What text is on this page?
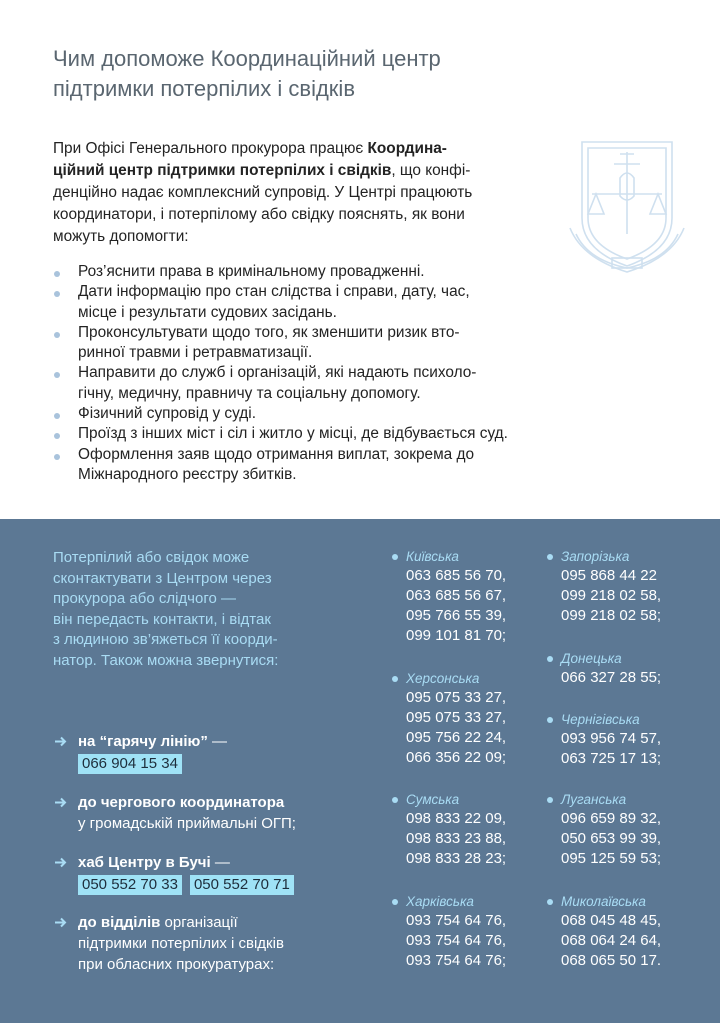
Чим допоможе Координаційний центр
підтримки потерпілих і свідків
При Офісі Генерального прокурора працює Координа-
ційний центр підтримки потерпілих і свідків, що конфі-
денційно надає комплексний супровід. У Центрі працюють
координатори, і потерпілому або свідку пояснять, як вони
можуть допомогти:
Роз’яснити права в кримінальному провадженні.
Дати інформацію про стан слідства і справи, дату, час,
місце і результати судових засідань.
Проконсультувати щодо того, як зменшити ризик вто-
ринної травми і ретравматизації.
Направити до служб і організацій, які надають психоло-
гічну, медичну, правничу та соціальну допомогу.
Фізичний супровід у суді.
Проїзд з інших міст і сіл і житло у місці, де відбувається суд.
Оформлення заяв щодо отримання виплат, зокрема до
Міжнародного реєстру збитків.
Потерпілий або свідок може
сконтактувати з Центром через
прокурора або слідчого —
він передасть контакти, і відтак
з людиною зв’яжеться її коорди-
натор. Також можна звернутися:
на “гарячу лінію” —
066 904 15 34
до чергового координатора
у громадській приймальні ОГП;
хаб Центру в Бучі —
050 552 70 33 050 552 70 71
до відділів організації
підтримки потерпілих і свідків
при обласних прокуратурах:
Київська
063 685 56 70,
063 685 56 67,
095 766 55 39,
099 101 81 70;
Херсонська
095 075 33 27,
095 075 33 27,
095 756 22 24,
066 356 22 09;
Сумська
098 833 22 09,
098 833 23 88,
098 833 28 23;
Харківська
093 754 64 76,
093 754 64 76,
093 754 64 76;
Запорізька
095 868 44 22
099 218 02 58,
099 218 02 58;
Донецька
066 327 28 55;
Чернігівська
093 956 74 57,
063 725 17 13;
Луганська
096 659 89 32,
050 653 99 39,
095 125 59 53;
Миколаївська
068 045 48 45,
068 064 24 64,
068 065 50 17.
